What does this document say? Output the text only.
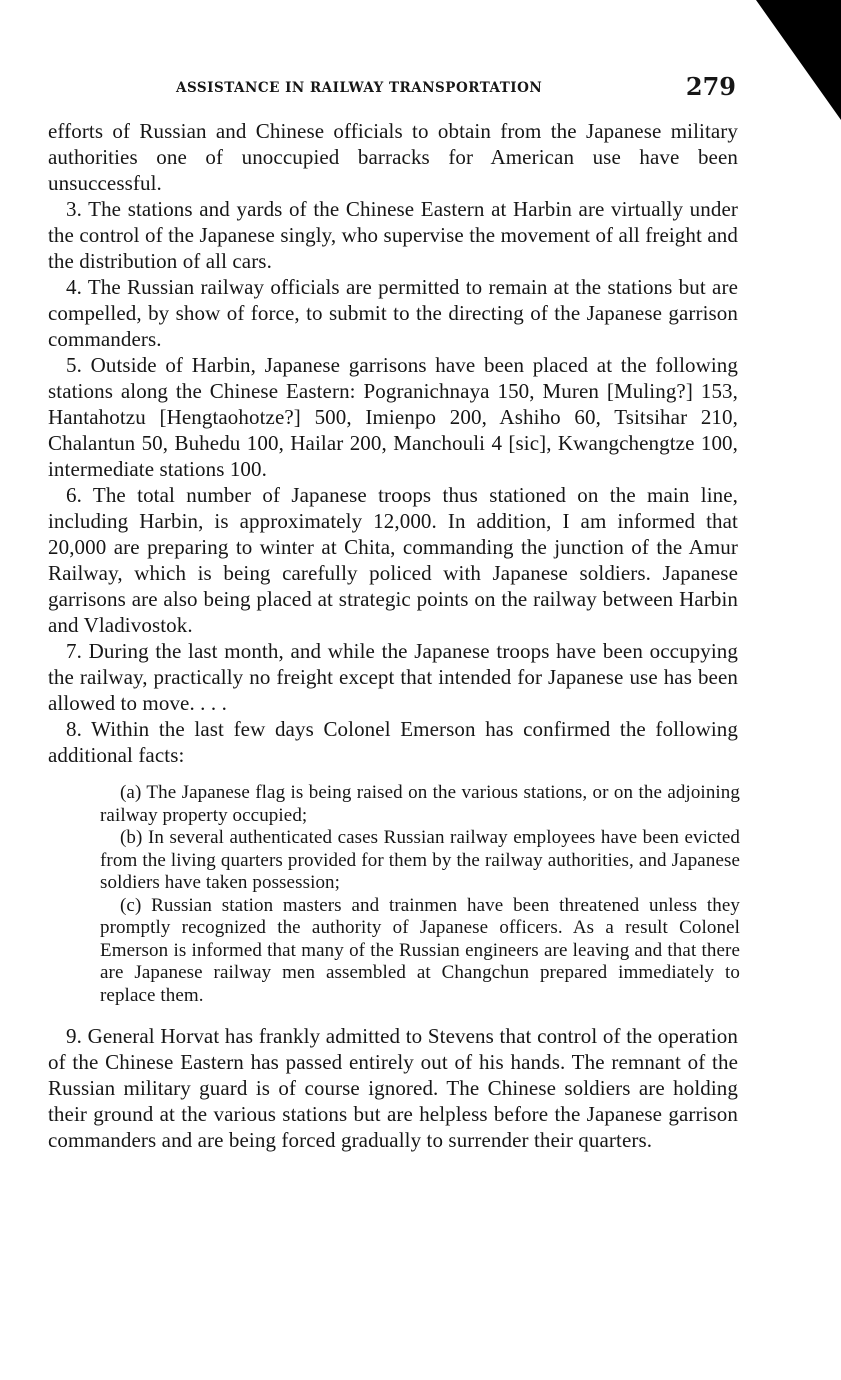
ASSISTANCE IN RAILWAY TRANSPORTATION	279

efforts of Russian and Chinese officials to obtain from the Japanese military authorities one of unoccupied barracks for American use have been unsuccessful.

3. The stations and yards of the Chinese Eastern at Harbin are virtually under the control of the Japanese singly, who supervise the movement of all freight and the distribution of all cars.

4. The Russian railway officials are permitted to remain at the stations but are compelled, by show of force, to submit to the directing of the Japanese garrison commanders.

5. Outside of Harbin, Japanese garrisons have been placed at the following stations along the Chinese Eastern: Pogranichnaya 150, Muren [Muling?] 153, Hantahotzu [Hengtaohotze?] 500, Imienpo 200, Ashiho 60, Tsitsihar 210, Chalantun 50, Buhedu 100, Hailar 200, Manchouli 4 [sic], Kwangchengtze 100, intermediate stations 100.

6. The total number of Japanese troops thus stationed on the main line, including Harbin, is approximately 12,000. In addition, I am informed that 20,000 are preparing to winter at Chita, commanding the junction of the Amur Railway, which is being carefully policed with Japanese soldiers. Japanese garrisons are also being placed at strategic points on the railway between Harbin and Vladivostok.

7. During the last month, and while the Japanese troops have been occupying the railway, practically no freight except that intended for Japanese use has been allowed to move. . . .

8. Within the last few days Colonel Emerson has confirmed the following additional facts:

(a) The Japanese flag is being raised on the various stations, or on the adjoining railway property occupied;

(b) In several authenticated cases Russian railway employees have been evicted from the living quarters provided for them by the railway authorities, and Japanese soldiers have taken possession;

(c) Russian station masters and trainmen have been threatened unless they promptly recognized the authority of Japanese officers. As a result Colonel Emerson is informed that many of the Russian engineers are leaving and that there are Japanese railway men assembled at Changchun prepared immediately to replace them.

9. General Horvat has frankly admitted to Stevens that control of the operation of the Chinese Eastern has passed entirely out of his hands. The remnant of the Russian military guard is of course ignored. The Chinese soldiers are holding their ground at the various stations but are helpless before the Japanese garrison commanders and are being forced gradually to surrender their quarters.
